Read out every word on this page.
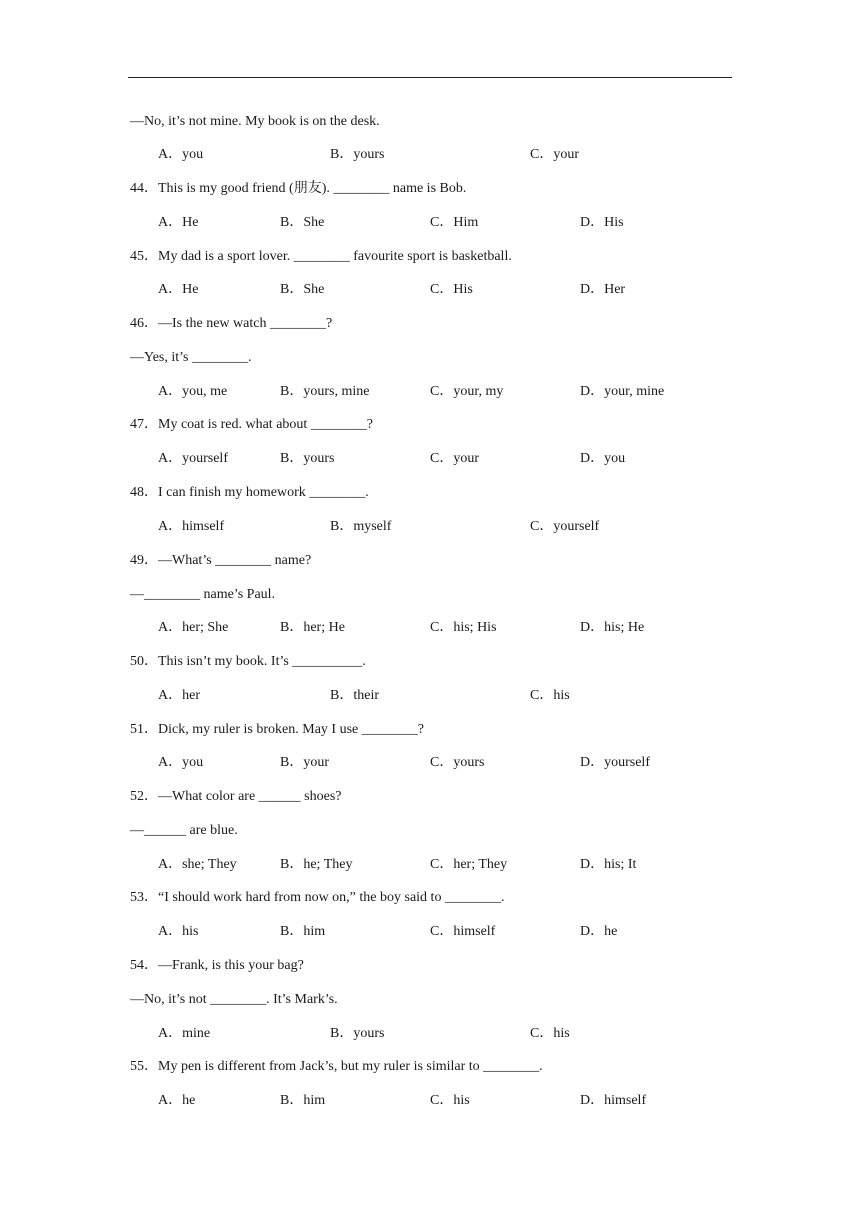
—No, it’s not mine. My book is on the desk.
A．you	B．yours	C．your
44．This is my good friend (朋友). ________ name is Bob.
A．He	B．She	C．Him	D．His
45．My dad is a sport lover. ________ favourite sport is basketball.
A．He	B．She	C．His	D．Her
46．—Is the new watch ________?
—Yes, it’s ________.
A．you, me	B．yours, mine	C．your, my	D．your, mine
47．My coat is red. what about ________?
A．yourself	B．yours	C．your	D．you
48．I can finish my homework ________.
A．himself	B．myself	C．yourself
49．—What’s ________ name?
—________ name’s Paul.
A．her; She	B．her; He	C．his; His	D．his; He
50．This isn’t my book. It’s __________.
A．her	B．their	C．his
51．Dick, my ruler is broken. May I use ________?
A．you	B．your	C．yours	D．yourself
52．—What color are ______ shoes?
—______ are blue.
A．she; They	B．he; They	C．her; They	D．his; It
53．“I should work hard from now on,” the boy said to ________.
A．his	B．him	C．himself	D．he
54．—Frank, is this your bag?
—No, it’s not ________. It’s Mark’s.
A．mine	B．yours	C．his
55．My pen is different from Jack’s, but my ruler is similar to ________.
A．he	B．him	C．his	D．himself
